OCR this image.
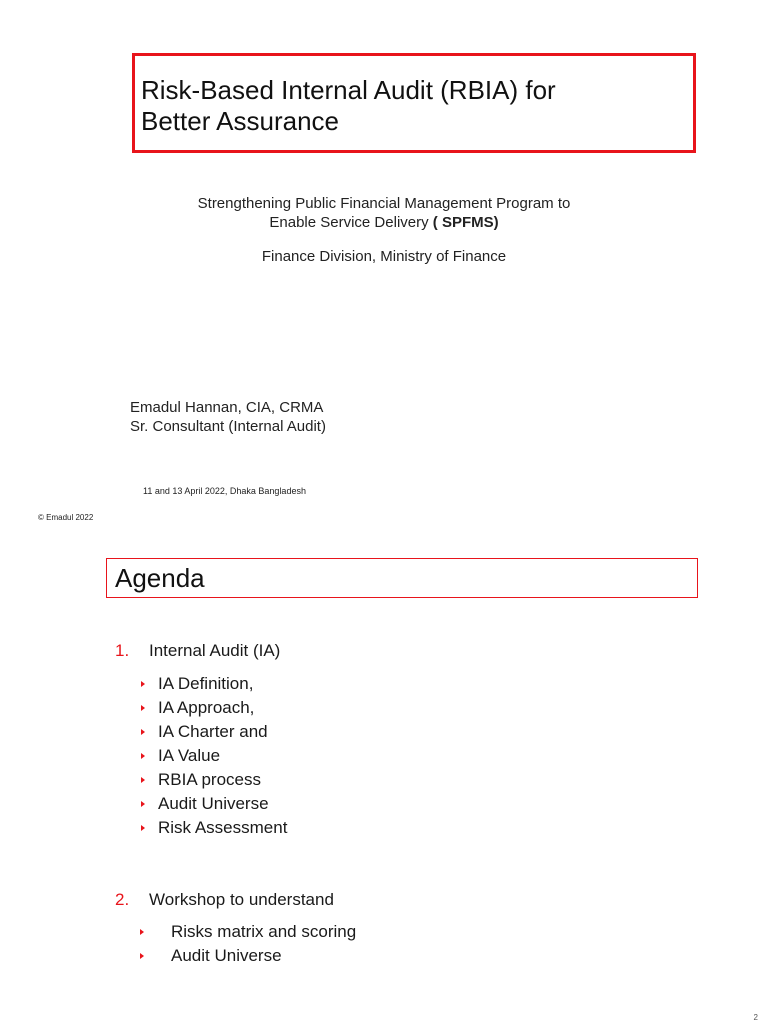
Risk-Based Internal Audit (RBIA) for
Better Assurance
Strengthening Public Financial Management Program to
Enable Service Delivery ( SPFMS)
Finance Division, Ministry of Finance
Emadul Hannan, CIA, CRMA
Sr. Consultant (Internal Audit)
11 and 13 April 2022, Dhaka Bangladesh
© Emadul 2022
Agenda
1. Internal Audit (IA)
IA Definition,
IA Approach,
IA Charter and
IA Value
RBIA process
Audit Universe
Risk Assessment
2. Workshop to understand
Risks matrix and scoring
Audit Universe
2
